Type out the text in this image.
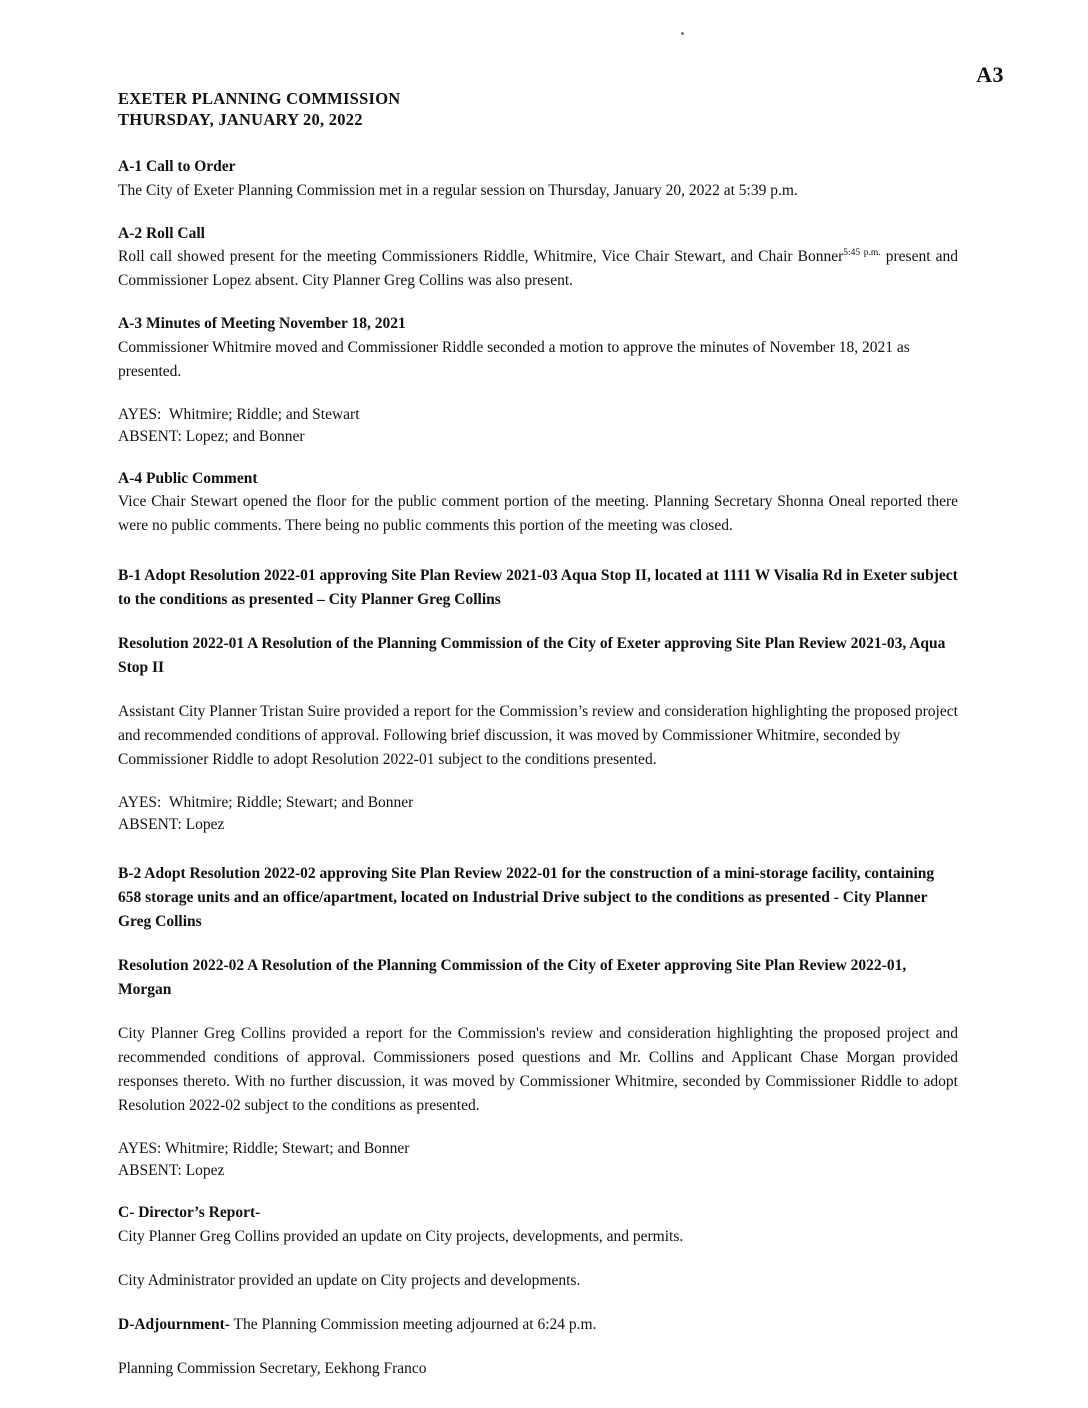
A3
EXETER PLANNING COMMISSION
THURSDAY, JANUARY 20, 2022
A-1 Call to Order
The City of Exeter Planning Commission met in a regular session on Thursday, January 20, 2022 at 5:39 p.m.
A-2 Roll Call
Roll call showed present for the meeting Commissioners Riddle, Whitmire, Vice Chair Stewart, and Chair Bonner$^{5:45 p.m.}$ present and Commissioner Lopez absent. City Planner Greg Collins was also present.
A-3 Minutes of Meeting November 18, 2021
Commissioner Whitmire moved and Commissioner Riddle seconded a motion to approve the minutes of November 18, 2021 as presented.
AYES:  Whitmire; Riddle; and Stewart
ABSENT: Lopez; and Bonner
A-4 Public Comment
Vice Chair Stewart opened the floor for the public comment portion of the meeting. Planning Secretary Shonna Oneal reported there were no public comments. There being no public comments this portion of the meeting was closed.
B-1 Adopt Resolution 2022-01 approving Site Plan Review 2021-03 Aqua Stop II, located at 1111 W Visalia Rd in Exeter subject to the conditions as presented – City Planner Greg Collins
Resolution 2022-01 A Resolution of the Planning Commission of the City of Exeter approving Site Plan Review 2021-03, Aqua Stop II
Assistant City Planner Tristan Suire provided a report for the Commission’s review and consideration highlighting the proposed project and recommended conditions of approval. Following brief discussion, it was moved by Commissioner Whitmire, seconded by Commissioner Riddle to adopt Resolution 2022-01 subject to the conditions presented.
AYES:  Whitmire; Riddle; Stewart; and Bonner
ABSENT: Lopez
B-2 Adopt Resolution 2022-02 approving Site Plan Review 2022-01 for the construction of a mini-storage facility, containing 658 storage units and an office/apartment, located on Industrial Drive subject to the conditions as presented - City Planner Greg Collins
Resolution 2022-02 A Resolution of the Planning Commission of the City of Exeter approving Site Plan Review 2022-01, Morgan
City Planner Greg Collins provided a report for the Commission's review and consideration highlighting the proposed project and recommended conditions of approval. Commissioners posed questions and Mr. Collins and Applicant Chase Morgan provided responses thereto. With no further discussion, it was moved by Commissioner Whitmire, seconded by Commissioner Riddle to adopt Resolution 2022-02 subject to the conditions as presented.
AYES: Whitmire; Riddle; Stewart; and Bonner
ABSENT: Lopez
C- Director’s Report-
City Planner Greg Collins provided an update on City projects, developments, and permits.
City Administrator provided an update on City projects and developments.
D-Adjournment- The Planning Commission meeting adjourned at 6:24 p.m.
Planning Commission Secretary, Eekhong Franco
